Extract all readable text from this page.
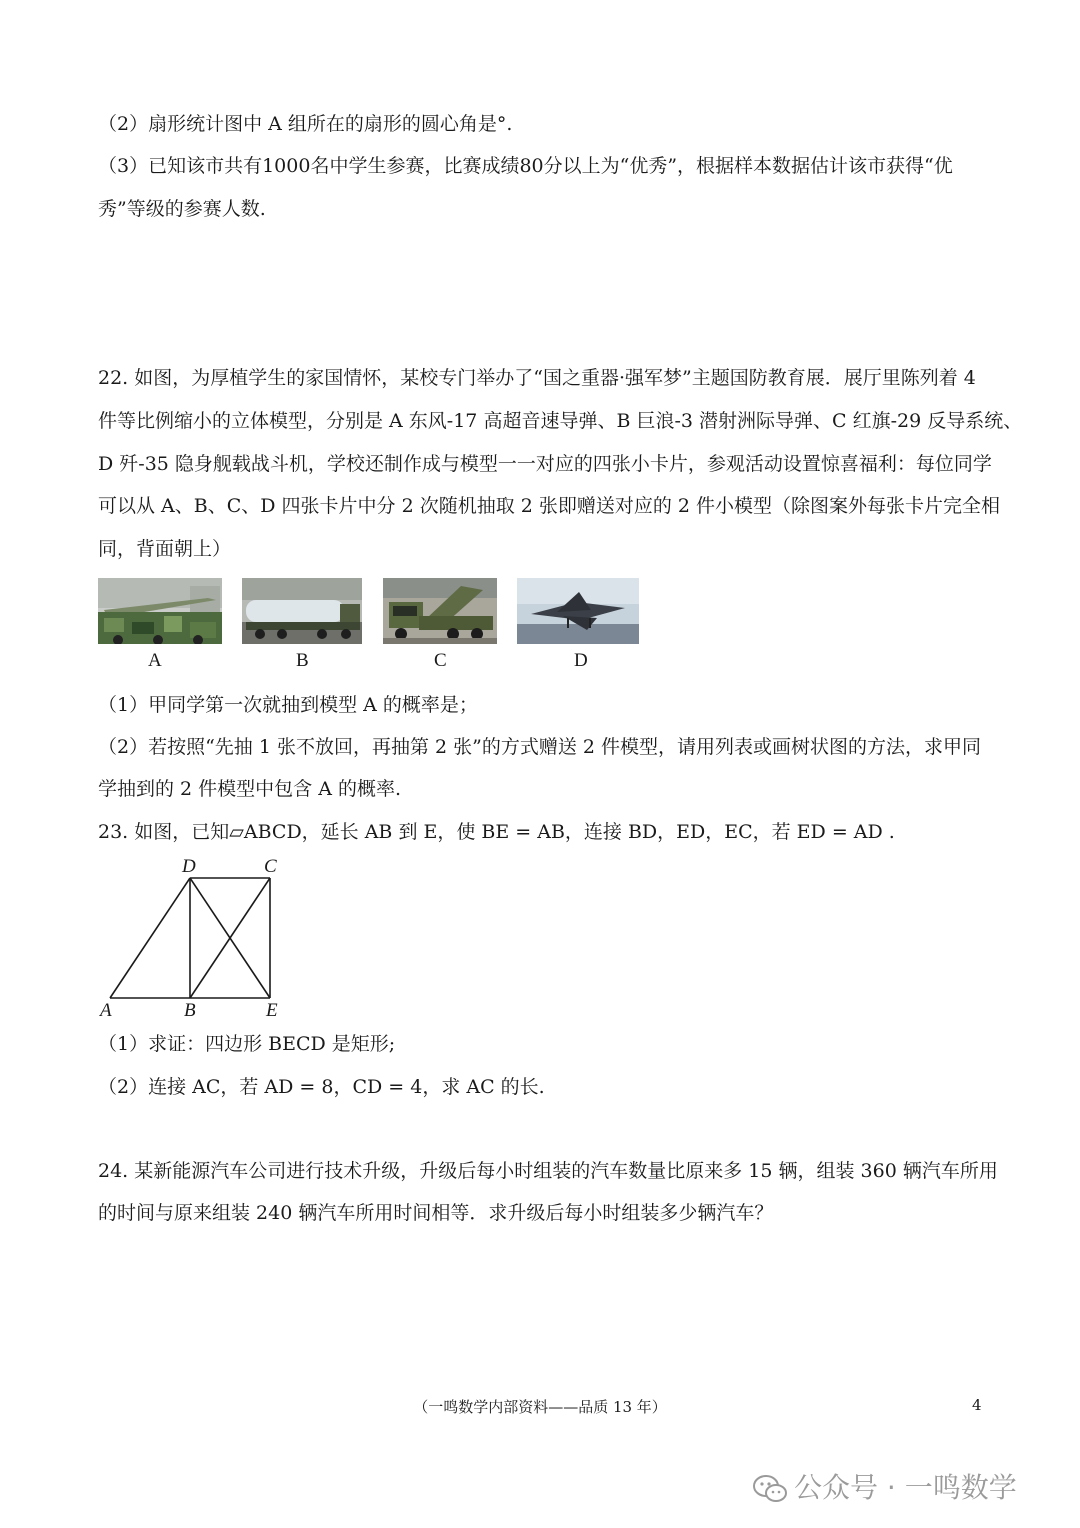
（2）扇形统计图中 A 组所在的扇形的圆心角是°.
（3）已知该市共有1000名中学生参赛，比赛成绩80分以上为“优秀”，根据样本数据估计该市获得“优
秀”等级的参赛人数.
22. 如图，为厚植学生的家国情怀，某校专门举办了“国之重器·强军梦”主题国防教育展．展厅里陈列着 4
件等比例缩小的立体模型，分别是 A 东风-17 高超音速导弹、B 巨浪-3 潜射洲际导弹、C 红旗-29 反导系统、
D 歼-35 隐身舰载战斗机，学校还制作成与模型一一对应的四张小卡片，参观活动设置惊喜福利：每位同学
可以从 A、B、C、D 四张卡片中分 2 次随机抽取 2 张即赠送对应的 2 件小模型（除图案外每张卡片完全相
同，背面朝上）
A	B	C	D
（1）甲同学第一次就抽到模型 A 的概率是；
（2）若按照“先抽 1 张不放回，再抽第 2 张”的方式赠送 2 件模型，请用列表或画树状图的方法，求甲同
学抽到的 2 件模型中包含 A 的概率.
23. 如图，已知▱ABCD，延长 AB 到 E，使 BE = AB，连接 BD，ED，EC，若 ED = AD .
D	C
A	B	E
（1）求证：四边形 BECD 是矩形;
（2）连接 AC，若 AD = 8，CD = 4，求 AC 的长.
24. 某新能源汽车公司进行技术升级，升级后每小时组装的汽车数量比原来多 15 辆，组装 360 辆汽车所用
的时间与原来组装 240 辆汽车所用时间相等．求升级后每小时组装多少辆汽车？
（一鸣数学内部资料——品质 13 年）	4
公众号 · 一鸣数学
